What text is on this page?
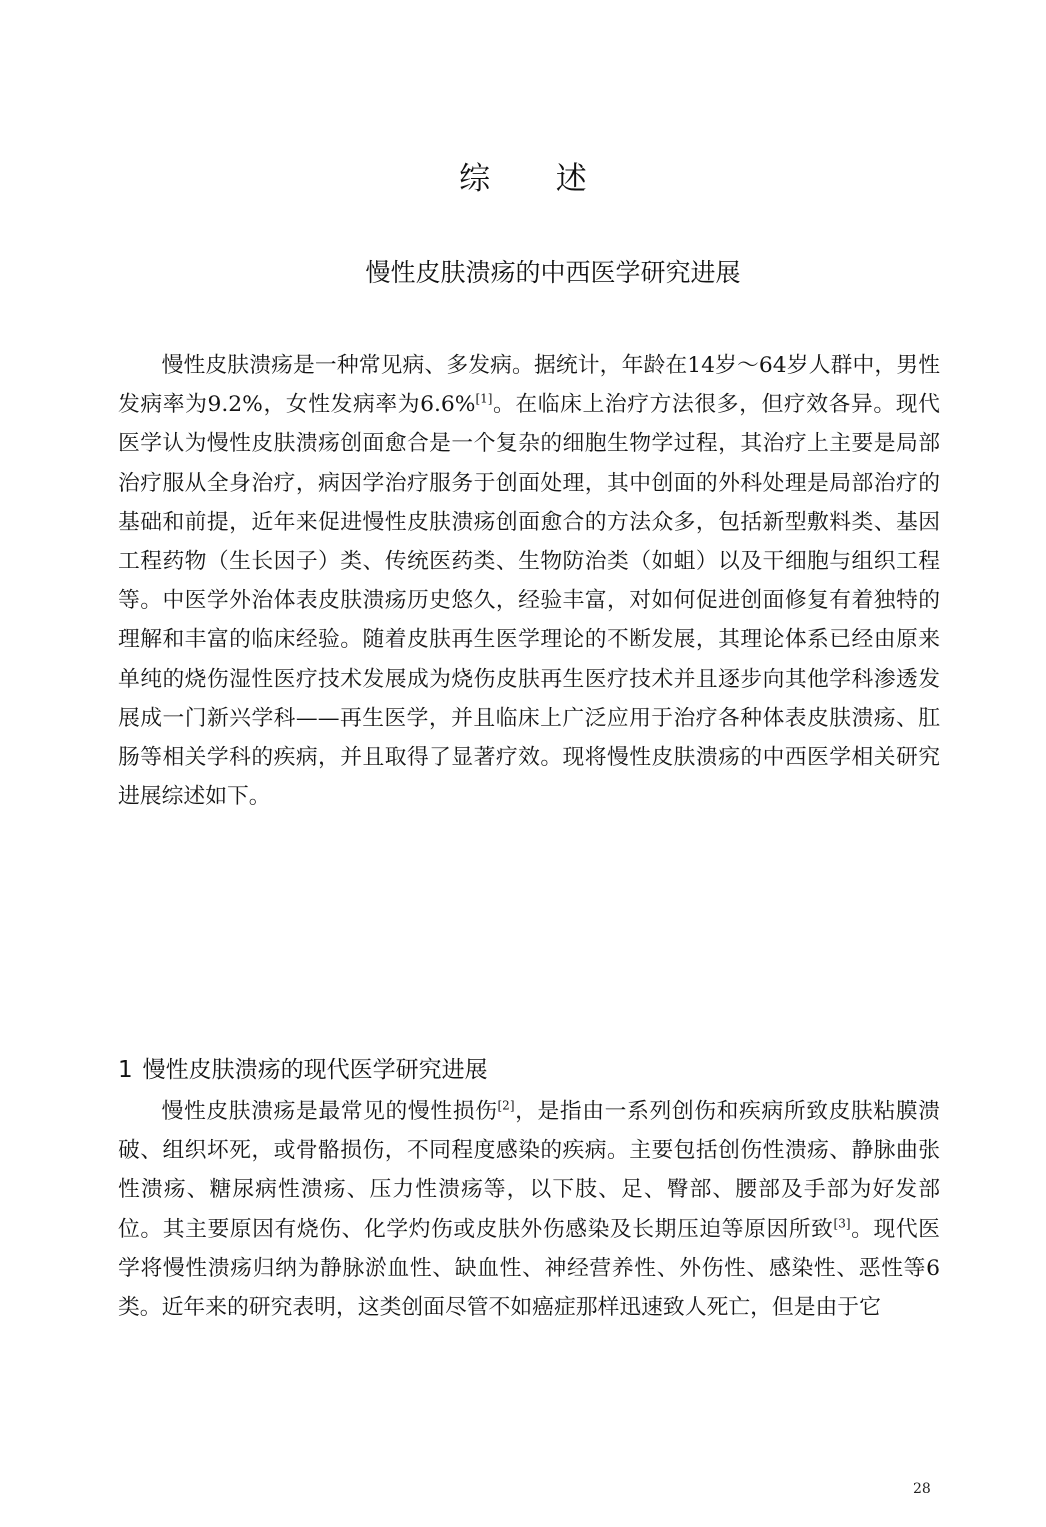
综 述
慢性皮肤溃疡的中西医学研究进展

慢性皮肤溃疡是一种常见病、多发病。据统计，年龄在14岁～64岁人群中，男性发病率为9.2%，女性发病率为6.6%[1]。在临床上治疗方法很多，但疗效各异。现代医学认为慢性皮肤溃疡创面愈合是一个复杂的细胞生物学过程，其治疗上主要是局部治疗服从全身治疗，病因学治疗服务于创面处理，其中创面的外科处理是局部治疗的基础和前提，近年来促进慢性皮肤溃疡创面愈合的方法众多，包括新型敷料类、基因工程药物（生长因子）类、传统医药类、生物防治类（如蛆）以及干细胞与组织工程等。中医学外治体表皮肤溃疡历史悠久，经验丰富，对如何促进创面修复有着独特的理解和丰富的临床经验。随着皮肤再生医学理论的不断发展，其理论体系已经由原来单纯的烧伤湿性医疗技术发展成为烧伤皮肤再生医疗技术并且逐步向其他学科渗透发展成一门新兴学科——再生医学，并且临床上广泛应用于治疗各种体表皮肤溃疡、肛肠等相关学科的疾病，并且取得了显著疗效。现将慢性皮肤溃疡的中西医学相关研究进展综述如下。

1 慢性皮肤溃疡的现代医学研究进展

慢性皮肤溃疡是最常见的慢性损伤[2]，是指由一系列创伤和疾病所致皮肤粘膜溃破、组织坏死，或骨骼损伤，不同程度感染的疾病。主要包括创伤性溃疡、静脉曲张性溃疡、糖尿病性溃疡、压力性溃疡等，以下肢、足、臀部、腰部及手部为好发部位。其主要原因有烧伤、化学灼伤或皮肤外伤感染及长期压迫等原因所致[3]。现代医学将慢性溃疡归纳为静脉淤血性、缺血性、神经营养性、外伤性、感染性、恶性等6类。近年来的研究表明，这类创面尽管不如癌症那样迅速致人死亡，但是由于它

28
